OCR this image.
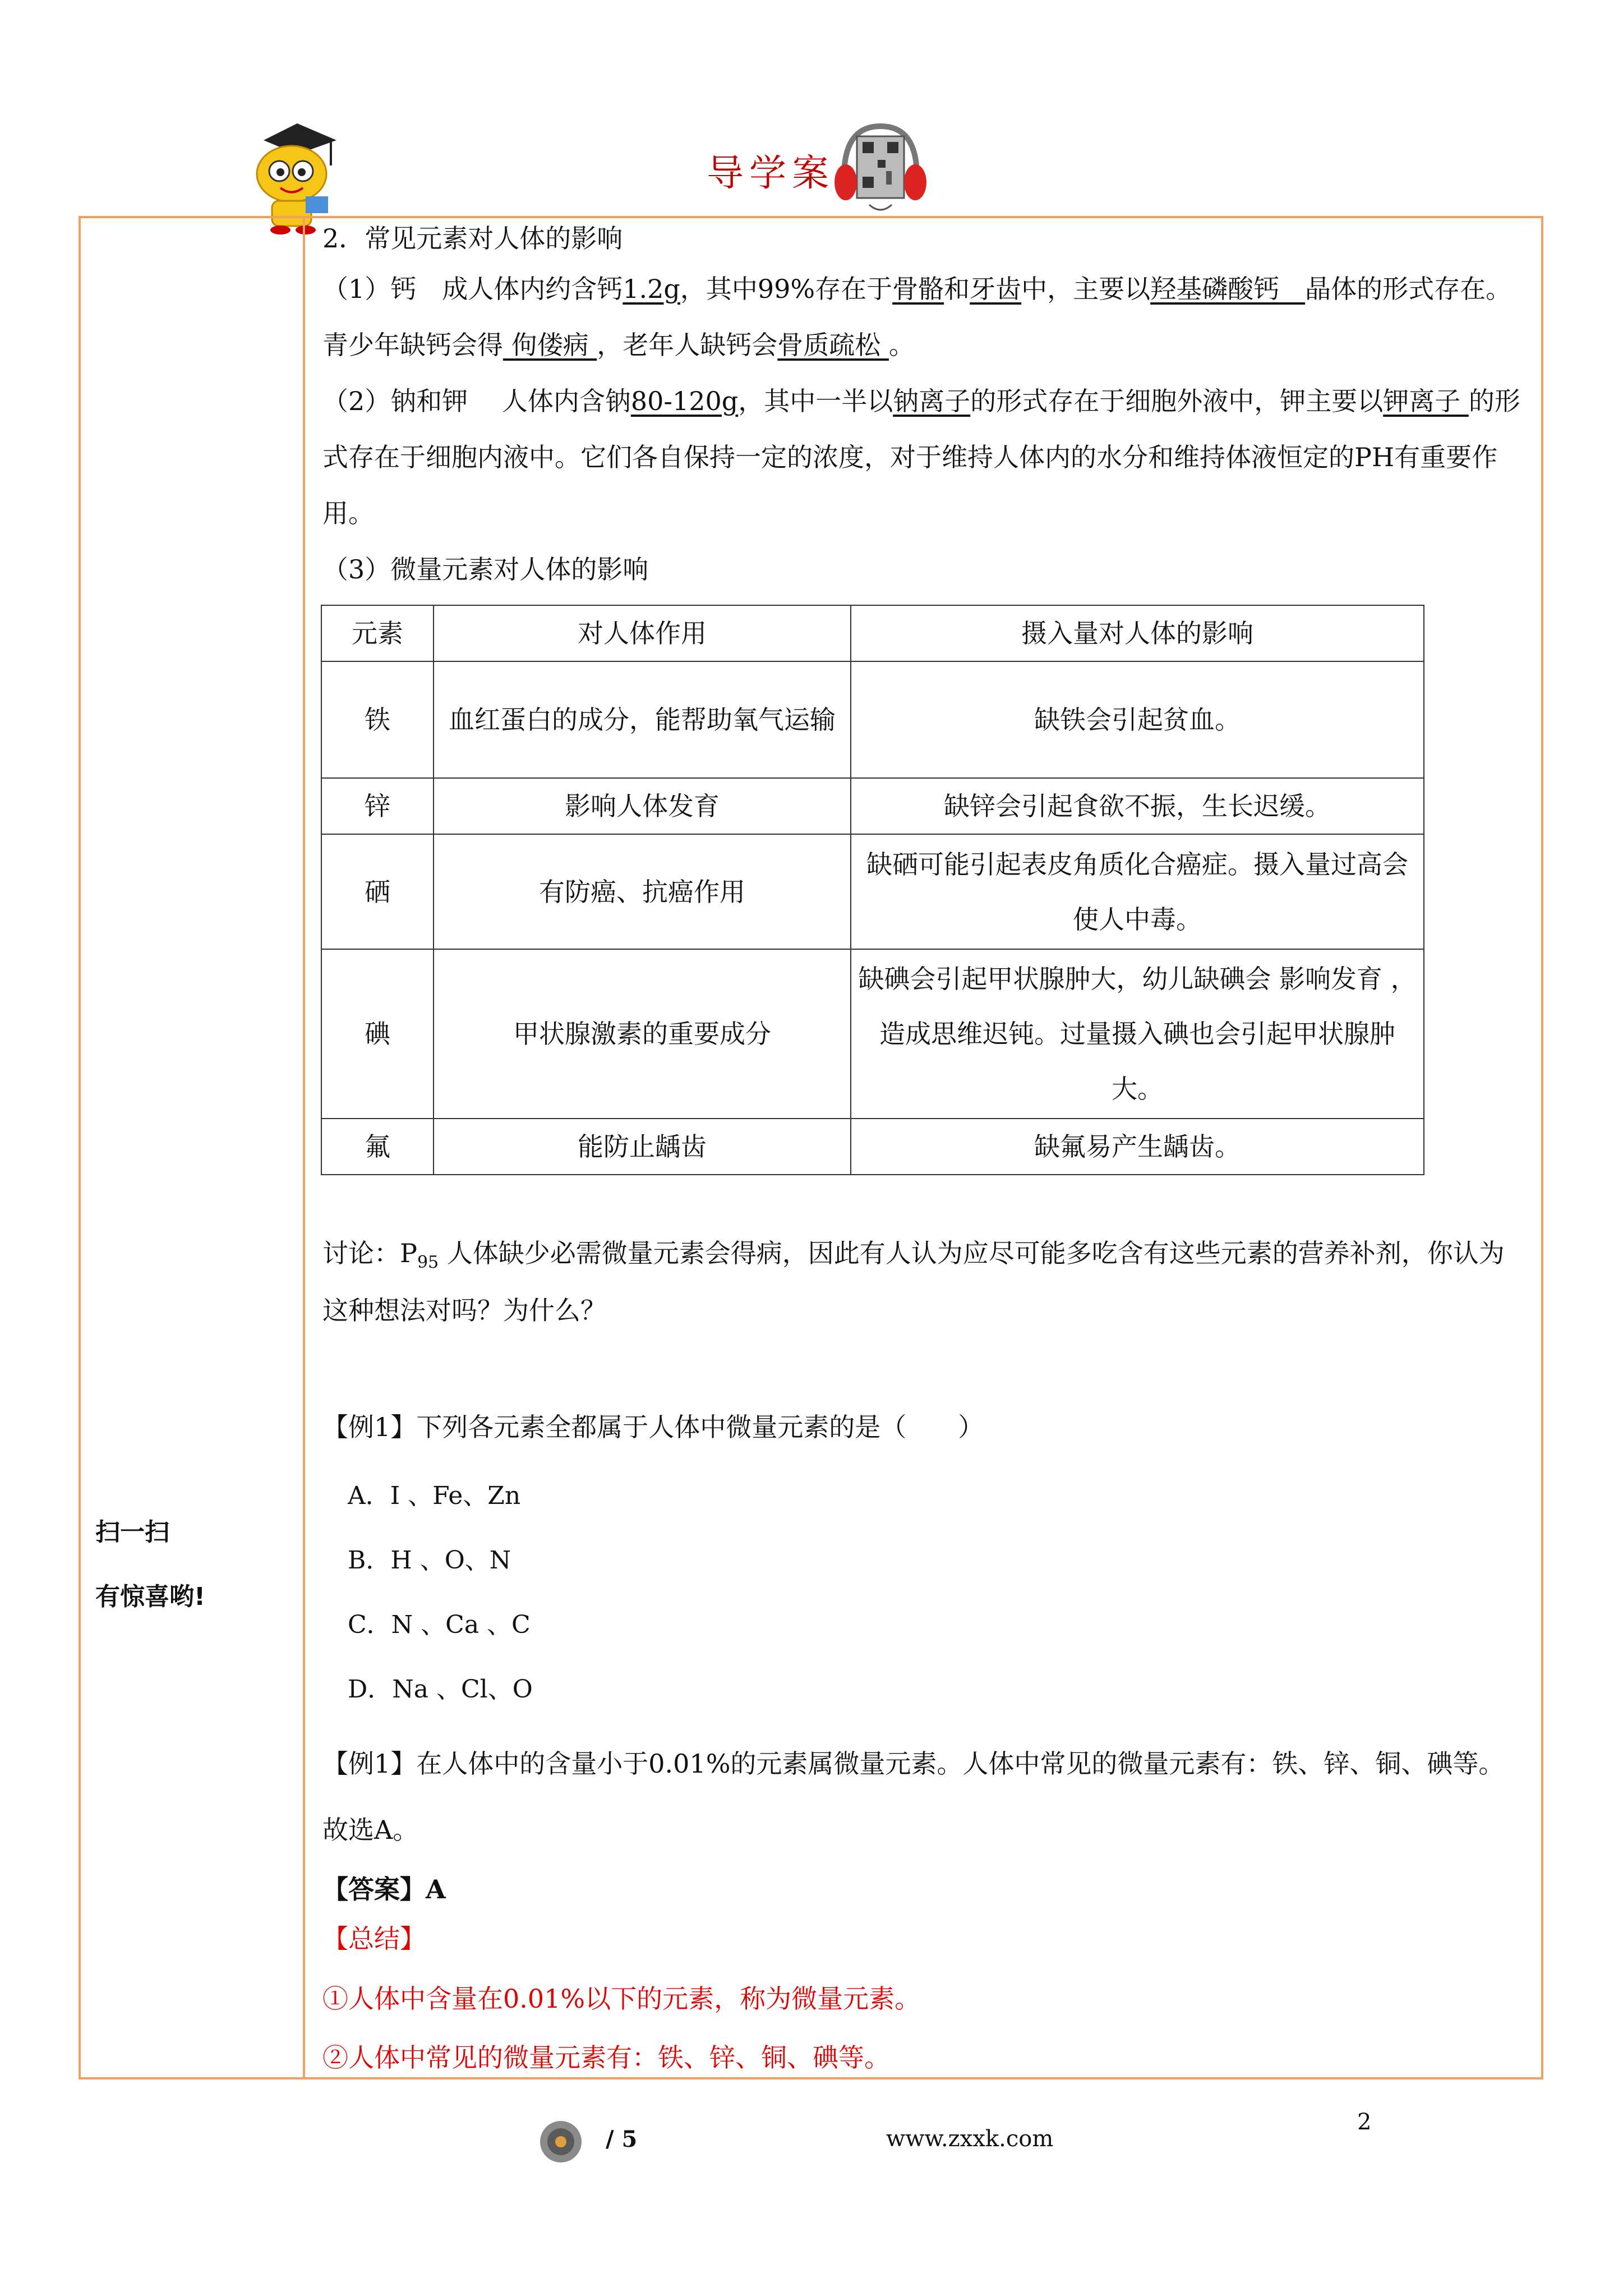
导学案
扫一扫
有惊喜哟!

2．常见元素对人体的影响

（1）钙　成人体内约含钙1.2g，其中99%存在于骨骼和牙齿中，主要以羟基磷酸钙　晶体的形式存在。青少年缺钙会得 佝偻病 ，老年人缺钙会骨质疏松 。

（2）钠和钾　 人体内含钠80-120g，其中一半以钠离子的形式存在于细胞外液中，钾主要以钾离子 的形式存在于细胞内液中。它们各自保持一定的浓度，对于维持人体内的水分和维持体液恒定的PH有重要作用。

（3）微量元素对人体的影响

元素	对人体作用	摄入量对人体的影响
铁	血红蛋白的成分，能帮助氧气运输	缺铁会引起贫血。
锌	影响人体发育	缺锌会引起食欲不振，生长迟缓。
硒	有防癌、抗癌作用	缺硒可能引起表皮角质化合癌症。摄入量过高会使人中毒。
碘	甲状腺激素的重要成分	缺碘会引起甲状腺肿大，幼儿缺碘会 影响发育 ，造成思维迟钝。过量摄入碘也会引起甲状腺肿大。
氟	能防止龋齿	缺氟易产生龋齿。
讨论：$P_{95}$ 人体缺少必需微量元素会得病，因此有人认为应尽可能多吃含有这些元素的营养补剂，你认为这种想法对吗？为什么？
【例1】下列各元素全都属于人体中微量元素的是（　　）
A．I 、Fe、Zn
B．H 、O、N
C．N 、Ca 、C
D．Na 、Cl、O
【例1】在人体中的含量小于0.01%的元素属微量元素。人体中常见的微量元素有：铁、锌、铜、碘等。故选A。
【答案】A
【总结】
①人体中含量在0.01%以下的元素，称为微量元素。
②人体中常见的微量元素有：铁、锌、铜、碘等。
/ 5	www.zxxk.com
2
